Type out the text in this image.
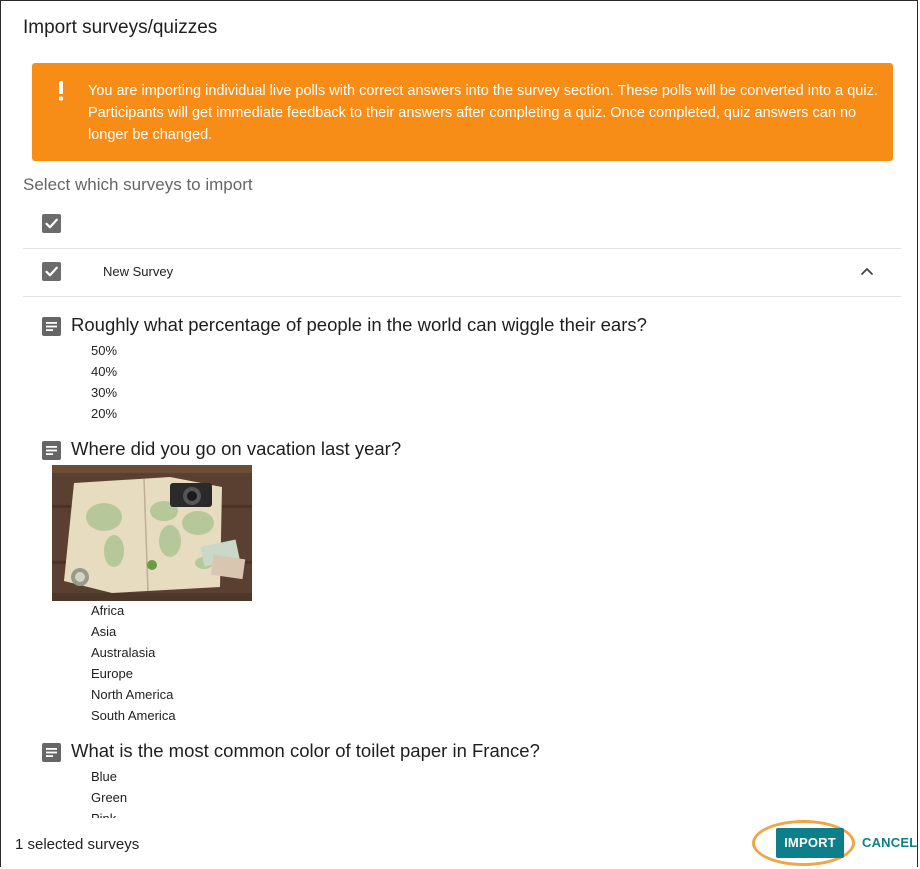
Import surveys/quizzes
You are importing individual live polls with correct answers into the survey section. These polls will be converted into a quiz. Participants will get immediate feedback to their answers after completing a quiz. Once completed, quiz answers can no longer be changed.
Select which surveys to import
New Survey
Roughly what percentage of people in the world can wiggle their ears?
50%
40%
30%
20%
Where did you go on vacation last year?
Africa
Asia
Australasia
Europe
North America
South America
What is the most common color of toilet paper in France?
Blue
Green
1 selected surveys	IMPORT	CANCEL
